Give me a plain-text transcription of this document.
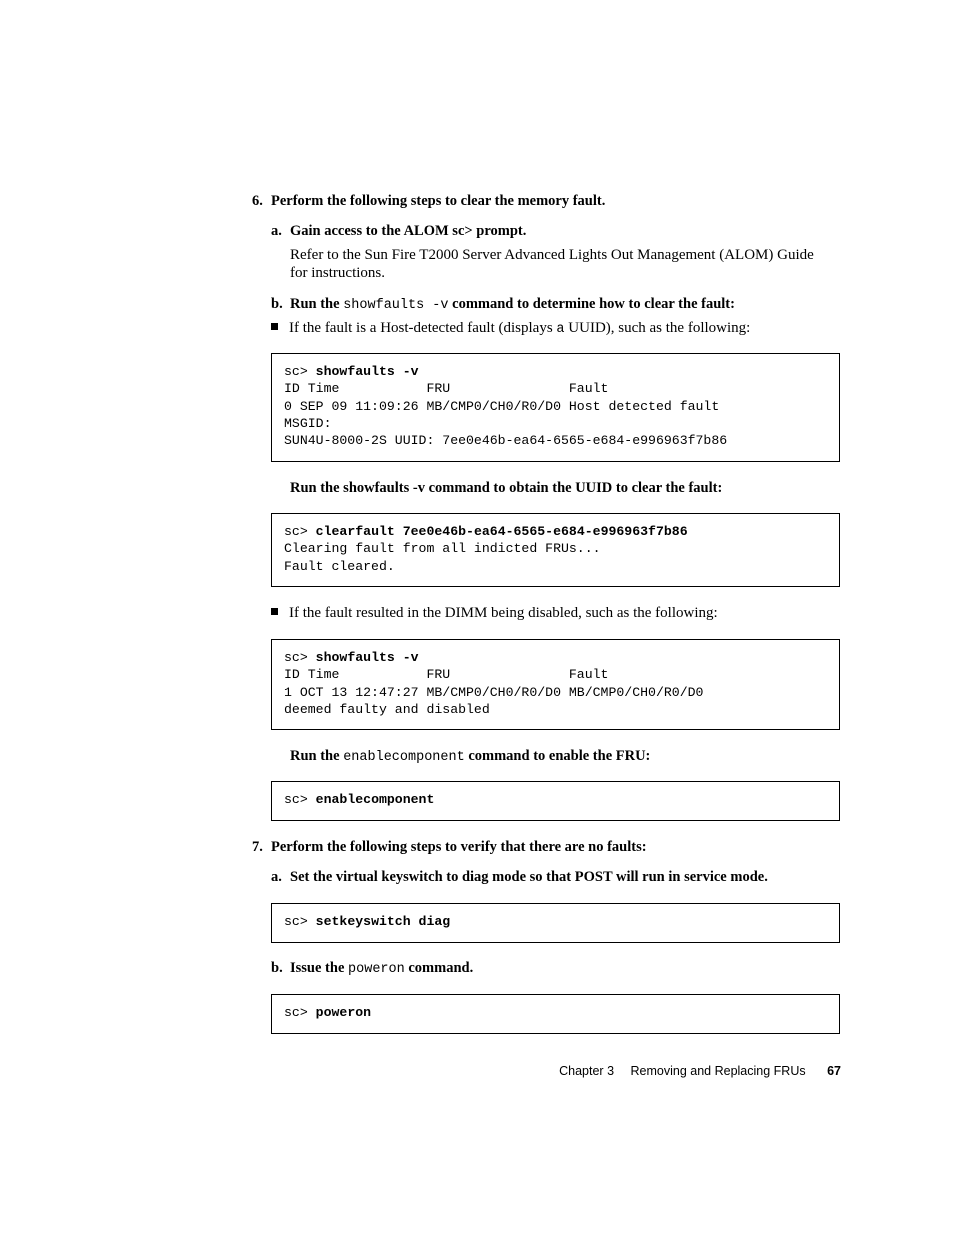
6. Perform the following steps to clear the memory fault.
a. Gain access to the ALOM sc> prompt.
Refer to the Sun Fire T2000 Server Advanced Lights Out Management (ALOM) Guide for instructions.
b. Run the showfaults -v command to determine how to clear the fault:
If the fault is a Host-detected fault (displays a UUID), such as the following:
sc> showfaults -v
ID Time           FRU               Fault
0 SEP 09 11:09:26 MB/CMP0/CH0/R0/D0 Host detected fault
MSGID:
SUN4U-8000-2S UUID: 7ee0e46b-ea64-6565-e684-e996963f7b86
Run the showfaults -v command to obtain the UUID to clear the fault:
sc> clearfault 7ee0e46b-ea64-6565-e684-e996963f7b86
Clearing fault from all indicted FRUs...
Fault cleared.
If the fault resulted in the DIMM being disabled, such as the following:
sc> showfaults -v
ID Time           FRU               Fault
1 OCT 13 12:47:27 MB/CMP0/CH0/R0/D0 MB/CMP0/CH0/R0/D0
deemed faulty and disabled
Run the enablecomponent command to enable the FRU:
sc> enablecomponent
7. Perform the following steps to verify that there are no faults:
a. Set the virtual keyswitch to diag mode so that POST will run in service mode.
sc> setkeyswitch diag
b. Issue the poweron command.
sc> poweron
Chapter 3 Removing and Replacing FRUs 67
